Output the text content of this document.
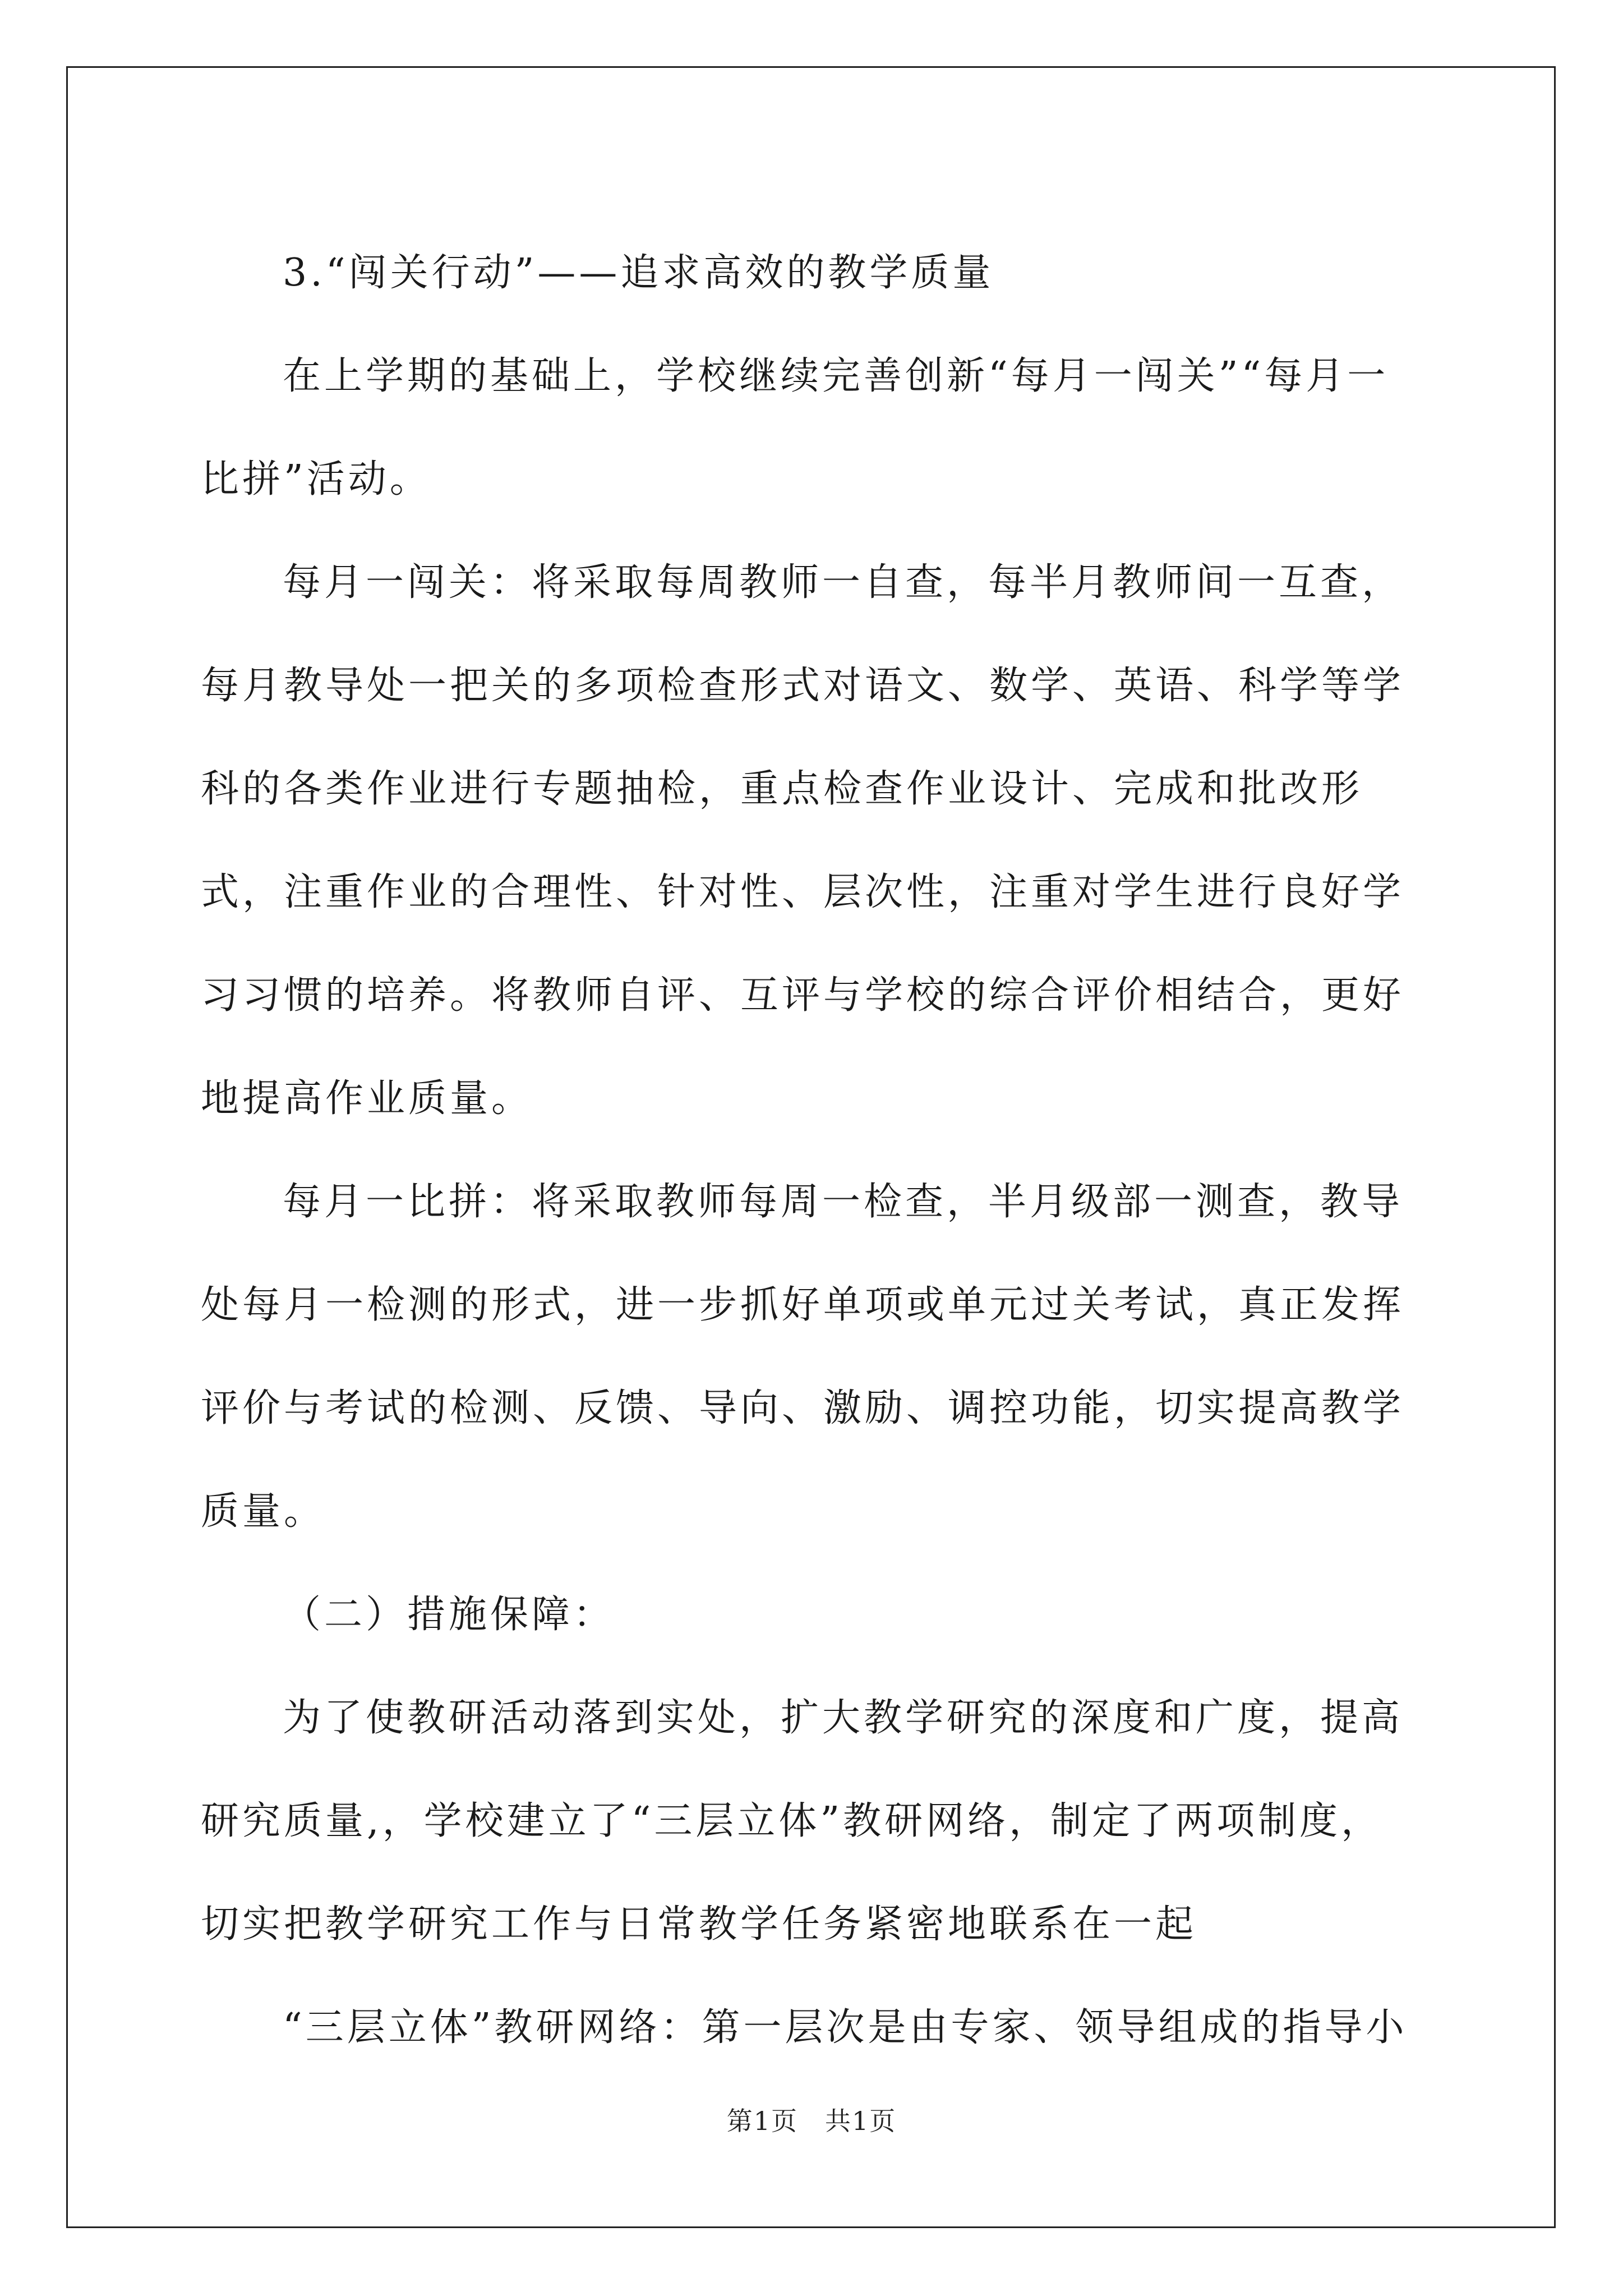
3.“闯关行动”——追求高效的教学质量

在上学期的基础上，学校继续完善创新“每月一闯关”“每月一比拼”活动。

每月一闯关：将采取每周教师一自查，每半月教师间一互查，每月教导处一把关的多项检查形式对语文、数学、英语、科学等学科的各类作业进行专题抽检，重点检查作业设计、完成和批改形式，注重作业的合理性、针对性、层次性，注重对学生进行良好学习习惯的培养。将教师自评、互评与学校的综合评价相结合，更好地提高作业质量。

每月一比拼：将采取教师每周一检查，半月级部一测查，教导处每月一检测的形式，进一步抓好单项或单元过关考试，真正发挥评价与考试的检测、反馈、导向、激励、调控功能，切实提高教学质量。

（二）措施保障：

为了使教研活动落到实处，扩大教学研究的深度和广度，提高研究质量,，学校建立了“三层立体”教研网络，制定了两项制度，切实把教学研究工作与日常教学任务紧密地联系在一起

“三层立体”教研网络：第一层次是由专家、领导组成的指导小

第1页　共1页
